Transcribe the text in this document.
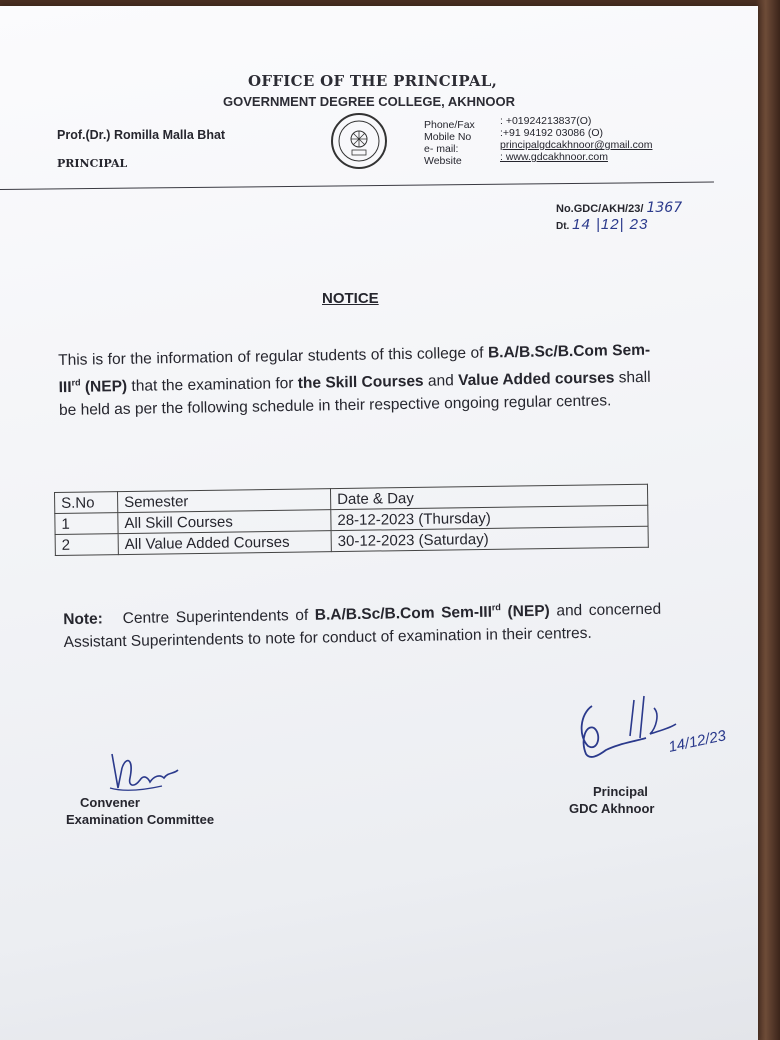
OFFICE OF THE PRINCIPAL,
GOVERNMENT DEGREE COLLEGE, AKHNOOR
Prof.(Dr.) Romilla Malla Bhat
PRINCIPAL
Phone/Fax
Mobile No
e- mail:
Website
: +01924213837(O)
:+91 94192 03086 (O)
principalgdcakhnoor@gmail.com
: www.gdcakhnoor.com
No.GDC/AKH/23/ 1367
Dt. 14 |12| 23
NOTICE
This is for the information of regular students of this college of B.A/B.Sc/B.Com Sem-IIIrd (NEP) that the examination for the Skill Courses and Value Added courses shall be held as per the following schedule in their respective ongoing regular centres.
S.No	Semester	Date & Day
1	All Skill Courses	28-12-2023 (Thursday)
2	All Value Added Courses	30-12-2023 (Saturday)
Note: Centre Superintendents of B.A/B.Sc/B.Com Sem-IIIrd (NEP) and concerned Assistant Superintendents to note for conduct of examination in their centres.
Convener
Examination Committee
14/12/23
Principal
GDC Akhnoor
